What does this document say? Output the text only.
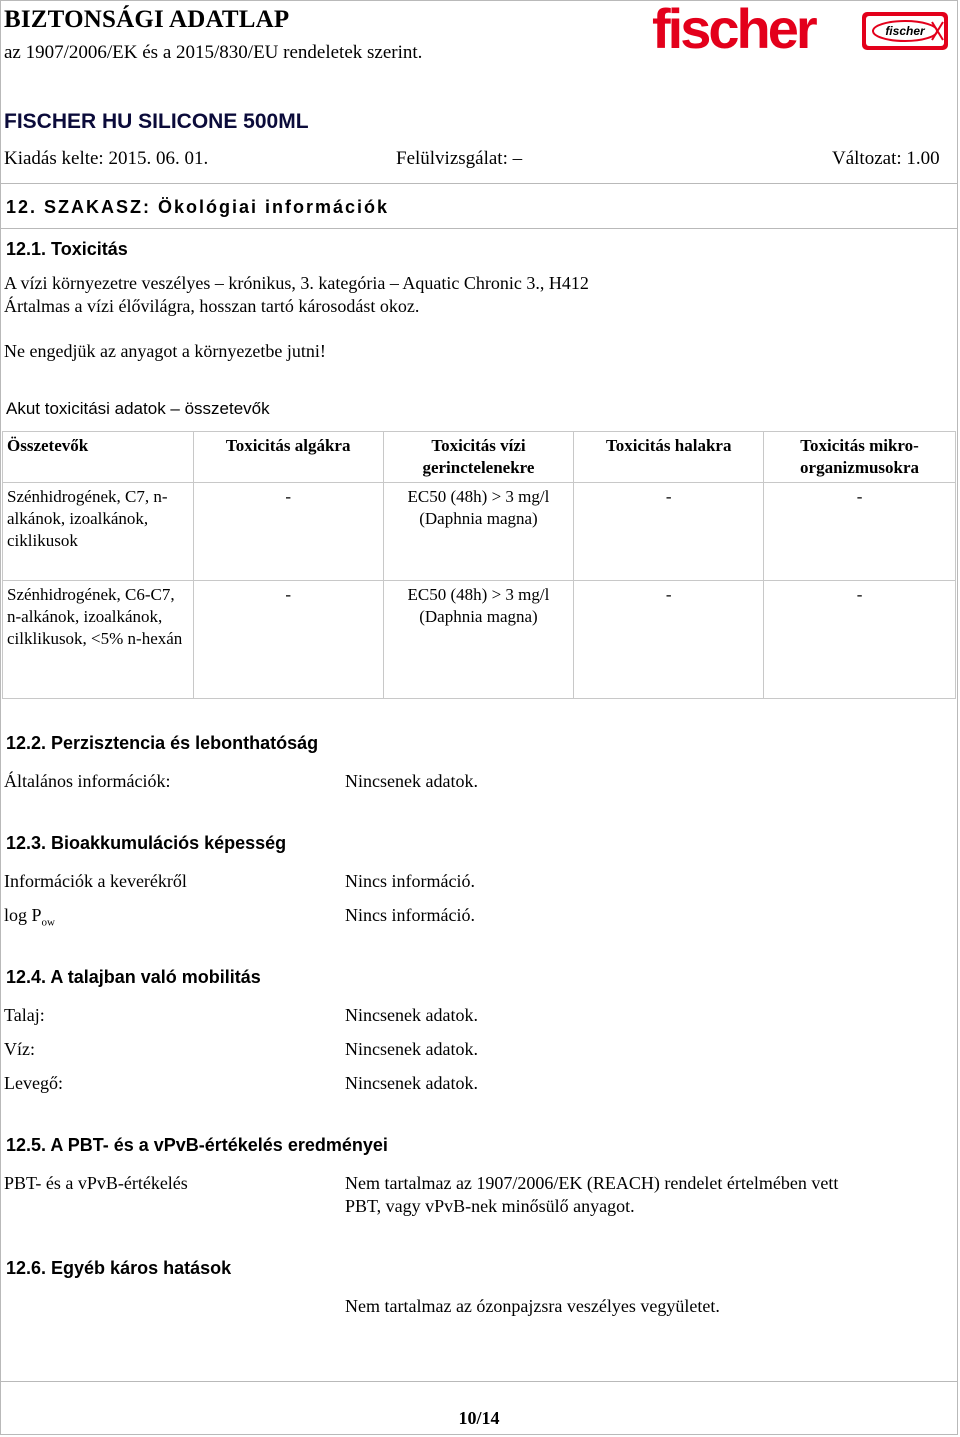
BIZTONSÁGI ADATLAP
az 1907/2006/EK és a 2015/830/EU rendeletek szerint.	fischer	fischer
FISCHER HU SILICONE 500ML
Kiadás kelte: 2015. 06. 01.	Felülvizsgálat: –	Változat: 1.00
12. SZAKASZ: Ökológiai információk
12.1. Toxicitás
A vízi környezetre veszélyes – krónikus, 3. kategória – Aquatic Chronic 3., H412
Ártalmas a vízi élővilágra, hosszan tartó károsodást okoz.
Ne engedjük az anyagot a környezetbe jutni!
Akut toxicitási adatok – összetevők
Összetevők	Toxicitás algákra	Toxicitás vízi gerinctelenekre	Toxicitás halakra	Toxicitás mikro-organizmusokra
Szénhidrogének, C7, n-alkánok, izoalkánok, ciklikusok	-	EC50 (48h) > 3 mg/l (Daphnia magna)	-	-
Szénhidrogének, C6-C7, n-alkánok, izoalkánok, cilklikusok, <5% n-hexán	-	EC50 (48h) > 3 mg/l (Daphnia magna)	-	-
12.2. Perzisztencia és lebonthatóság
Általános információk:	Nincsenek adatok.
12.3. Bioakkumulációs képesség
Információk a keverékről	Nincs információ.
$\log P_{ow}$	Nincs információ.
12.4. A talajban való mobilitás
Talaj:	Nincsenek adatok.
Víz:	Nincsenek adatok.
Levegő:	Nincsenek adatok.
12.5. A PBT- és a vPvB-értékelés eredményei
PBT- és a vPvB-értékelés	Nem tartalmaz az 1907/2006/EK (REACH) rendelet értelmében vett
PBT, vagy vPvB-nek minősülő anyagot.
12.6. Egyéb káros hatások
Nem tartalmaz az ózonpajzsra veszélyes vegyületet.
10/14
